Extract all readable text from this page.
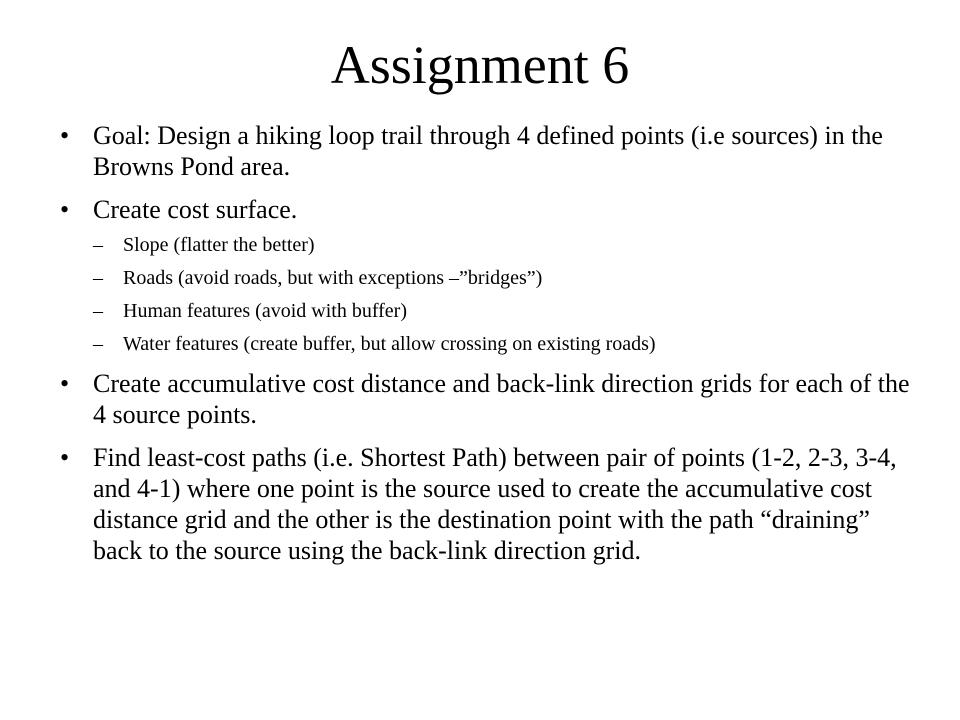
Assignment 6
• Goal: Design a hiking loop trail through 4 defined points (i.e sources) in the Browns Pond area.
• Create cost surface.
– Slope (flatter the better)
– Roads (avoid roads, but with exceptions –”bridges”)
– Human features (avoid with buffer)
– Water features (create buffer, but allow crossing on existing roads)
• Create accumulative cost distance and back-link direction grids for each of the 4 source points.
• Find least-cost paths (i.e. Shortest Path) between pair of points (1-2, 2-3, 3-4, and 4-1) where one point is the source used to create the accumulative cost distance grid and the other is the destination point with the path “draining” back to the source using the back-link direction grid.
